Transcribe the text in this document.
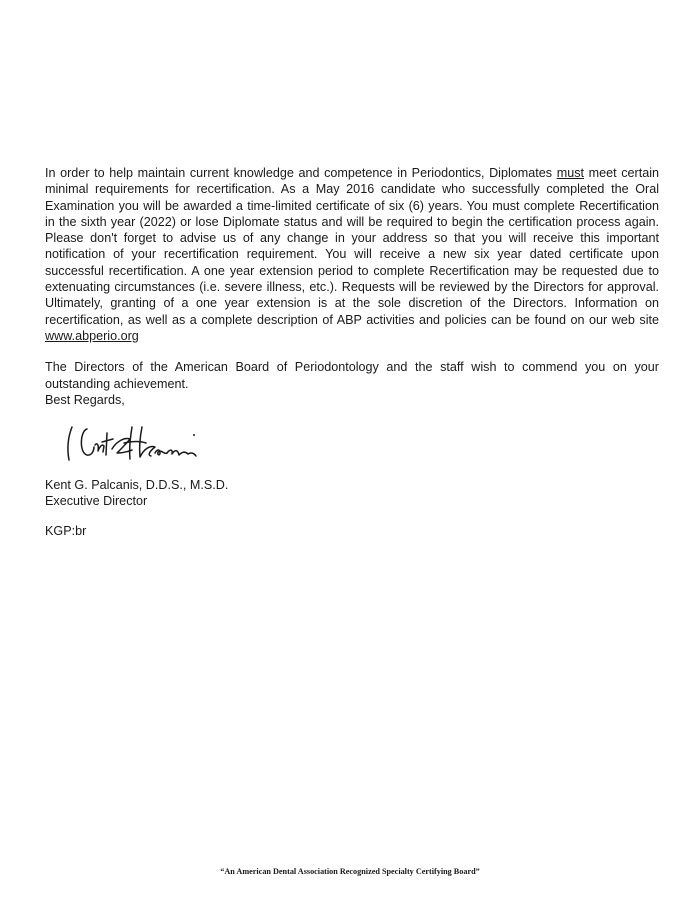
In order to help maintain current knowledge and competence in Periodontics, Diplomates must meet certain minimal requirements for recertification. As a May 2016 candidate who successfully completed the Oral Examination you will be awarded a time-limited certificate of six (6) years. You must complete Recertification in the sixth year (2022) or lose Diplomate status and will be required to begin the certification process again. Please don't forget to advise us of any change in your address so that you will receive this important notification of your recertification requirement. You will receive a new six year dated certificate upon successful recertification. A one year extension period to complete Recertification may be requested due to extenuating circumstances (i.e. severe illness, etc.). Requests will be reviewed by the Directors for approval. Ultimately, granting of a one year extension is at the sole discretion of the Directors. Information on recertification, as well as a complete description of ABP activities and policies can be found on our web site www.abperio.org

The Directors of the American Board of Periodontology and the staff wish to commend you on your outstanding achievement.

Best Regards,
Kent G. Palcanis, D.D.S., M.S.D.
Executive Director
KGP:br
“An American Dental Association Recognized Specialty Certifying Board”
